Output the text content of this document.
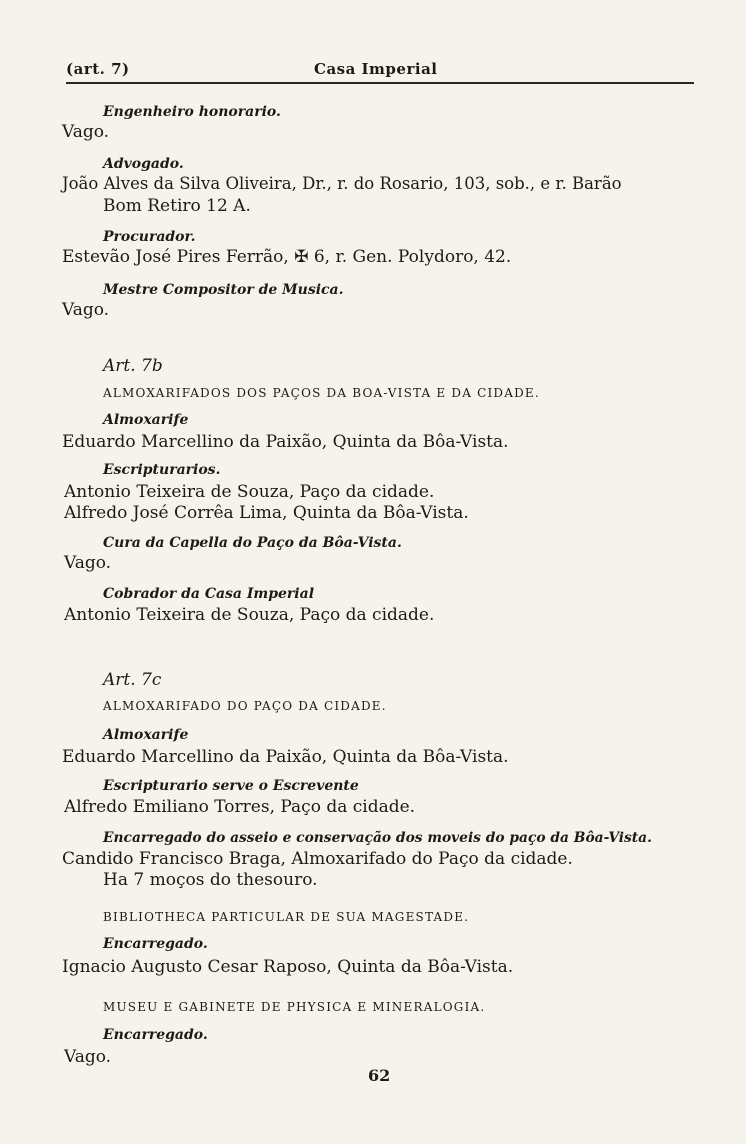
(art. 7)	Casa Imperial
Engenheiro honorario.
Vago.
Advogado.
João Alves da Silva Oliveira, Dr., r. do Rosario, 103, sob., e r. Barão
Bom Retiro 12 A.
Procurador.
Estevão José Pires Ferrão, ✠ 6, r. Gen. Polydoro, 42.
Mestre Compositor de Musica.
Vago.
Art. 7b
ALMOXARIFADOS DOS PAÇOS DA BOA-VISTA E DA CIDADE.
Almoxarife
Eduardo Marcellino da Paixão, Quinta da Bôa-Vista.
Escripturarios.
Antonio Teixeira de Souza, Paço da cidade.
Alfredo José Corrêa Lima, Quinta da Bôa-Vista.
Cura da Capella do Paço da Bôa-Vista.
Vago.
Cobrador da Casa Imperial
Antonio Teixeira de Souza, Paço da cidade.
Art. 7c
ALMOXARIFADO DO PAÇO DA CIDADE.
Almoxarife
Eduardo Marcellino da Paixão, Quinta da Bôa-Vista.
Escripturario serve o Escrevente
Alfredo Emiliano Torres, Paço da cidade.
Encarregado do asseio e conservação dos moveis do paço da Bôa-Vista.
Candido Francisco Braga, Almoxarifado do Paço da cidade.
Ha 7 moços do thesouro.
BIBLIOTHECA PARTICULAR DE SUA MAGESTADE.
Encarregado.
Ignacio Augusto Cesar Raposo, Quinta da Bôa-Vista.
MUSEU E GABINETE DE PHYSICA E MINERALOGIA.
Encarregado.
Vago.
62
